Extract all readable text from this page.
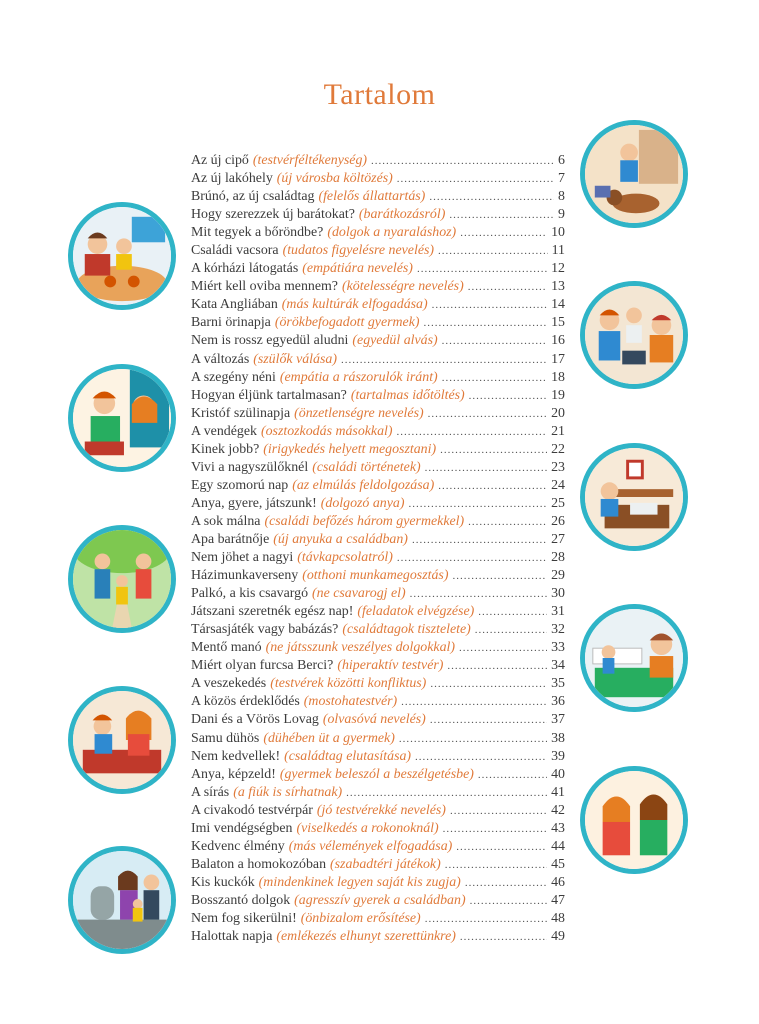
Tartalom
Az új cipő (testvérféltékenység) .....	6
Az új lakóhely (új városba költözés) .....	7
Brúnó, az új családtag (felelős állattartás) .....	8
Hogy szerezzek új barátokat? (barátkozásról) .....	9
Mit tegyek a bőröndbe? (dolgok a nyaraláshoz) .....	10
Családi vacsora (tudatos figyelésre nevelés) .....	11
A kórházi látogatás (empátiára nevelés) .....	12
Miért kell oviba mennem? (kötelességre nevelés) .....	13
Kata Angliában (más kultúrák elfogadása) .....	14
Barni örinapja (örökbefogadott gyermek) .....	15
Nem is rossz egyedül aludni (egyedül alvás) .....	16
A változás (szülők válása) .....	17
A szegény néni (empátia a rászorulók iránt) .....	18
Hogyan éljünk tartalmasan? (tartalmas időtöltés) .....	19
Kristóf szülinapja (önzetlenségre nevelés) .....	20
A vendégek (osztozkodás másokkal) .....	21
Kinek jobb? (irigykedés helyett megosztani) .....	22
Vivi a nagyszülőknél (családi történetek) .....	23
Egy szomorú nap (az elmúlás feldolgozása) .....	24
Anya, gyere, játszunk! (dolgozó anya) .....	25
A sok málna (családi befőzés három gyermekkel) .....	26
Apa barátnője (új anyuka a családban) .....	27
Nem jöhet a nagyi (távkapcsolatról) .....	28
Házimunkaverseny (otthoni munkamegosztás) .....	29
Palkó, a kis csavargó (ne csavarogj el) .....	30
Játszani szeretnék egész nap! (feladatok elvégzése) .....	31
Társasjáték vagy babázás? (családtagok tisztelete) .....	32
Mentő manó (ne játsszunk veszélyes dolgokkal) .....	33
Miért olyan furcsa Berci? (hiperaktív testvér) .....	34
A veszekedés (testvérek közötti konfliktus) .....	35
A közös érdeklődés (mostohatestvér) .....	36
Dani és a Vörös Lovag (olvasóvá nevelés) .....	37
Samu dühös (dühében üt a gyermek) .....	38
Nem kedvellek! (családtag elutasítása) .....	39
Anya, képzeld! (gyermek beleszól a beszélgetésbe) .....	40
A sírás (a fiúk is sírhatnak) .....	41
A civakodó testvérpár (jó testvérekké nevelés) .....	42
Imi vendégségben (viselkedés a rokonoknál) .....	43
Kedvenc élmény (más vélemények elfogadása) .....	44
Balaton a homokozóban (szabadtéri játékok) .....	45
Kis kuckók (mindenkinek legyen saját kis zugja) .....	46
Bosszantó dolgok (agresszív gyerek a családban) .....	47
Nem fog sikerülni! (önbizalom erősítése) .....	48
Halottak napja (emlékezés elhunyt szerettünkre) .....	49
